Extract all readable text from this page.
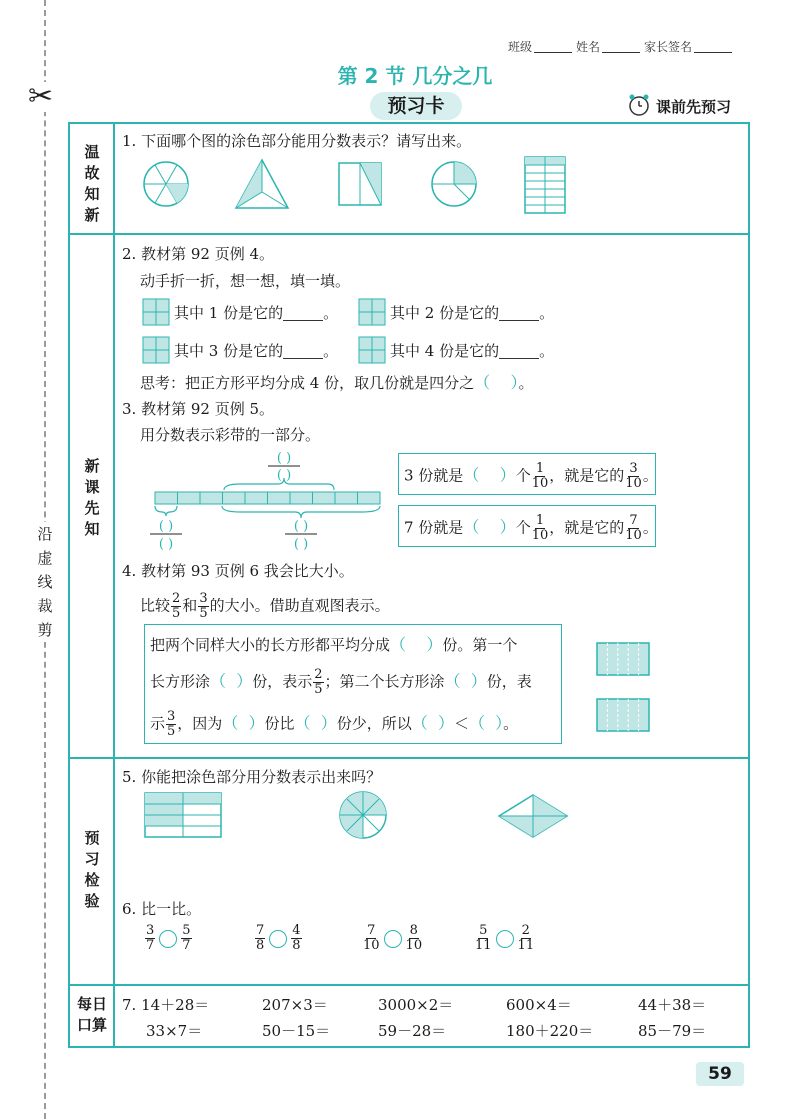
✂
沿虚线裁剪
班级	姓名	家长签名
第 2 节 几分之几
预习卡	课前先预习
温故知新
新课先知
预习检验
每日口算
1. 下面哪个图的涂色部分能用分数表示？请写出来。
2. 教材第 92 页例 4。
动手折一折，想一想，填一填。
其中 1 份是它的	。	其中 2 份是它的	。
其中 3 份是它的	。	其中 4 份是它的	。
思考：把正方形平均分成 4 份，取几份就是四分之（ ）。
3. 教材第 92 页例 5。
用分数表示彩带的一部分。
( )
( )
( )
( )
( )
( )
3 份就是（ ）个 $\frac{1}{10}$ ，就是它的 $\frac{3}{10}$ 。
7 份就是（ ）个 $\frac{1}{10}$ ，就是它的 $\frac{7}{10}$ 。
4. 教材第 93 页例 6 我会比大小。
比较 $\frac{2}{5}$ 和 $\frac{3}{5}$ 的大小。借助直观图表示。
把两个同样大小的长方形都平均分成（ ）份。第一个
长方形涂（ ）份，表示 $\frac{2}{5}$ ；第二个长方形涂（ ）份，表
示 $\frac{3}{5}$ ，因为（ ）份比（ ）份少，所以（ ）＜（ ）。
5. 你能把涂色部分用分数表示出来吗？
6. 比一比。
$\frac{3}{7} \frac{5}{7}$	$\frac{7}{8} \frac{4}{8}$	$\frac{7}{10} \frac{8}{10}$	$\frac{5}{11} \frac{2}{11}$
7. 14＋28＝	207×3＝	3000×2＝	600×4＝	44＋38＝
33×7＝	50－15＝	59－28＝	180＋220＝	85－79＝
59
